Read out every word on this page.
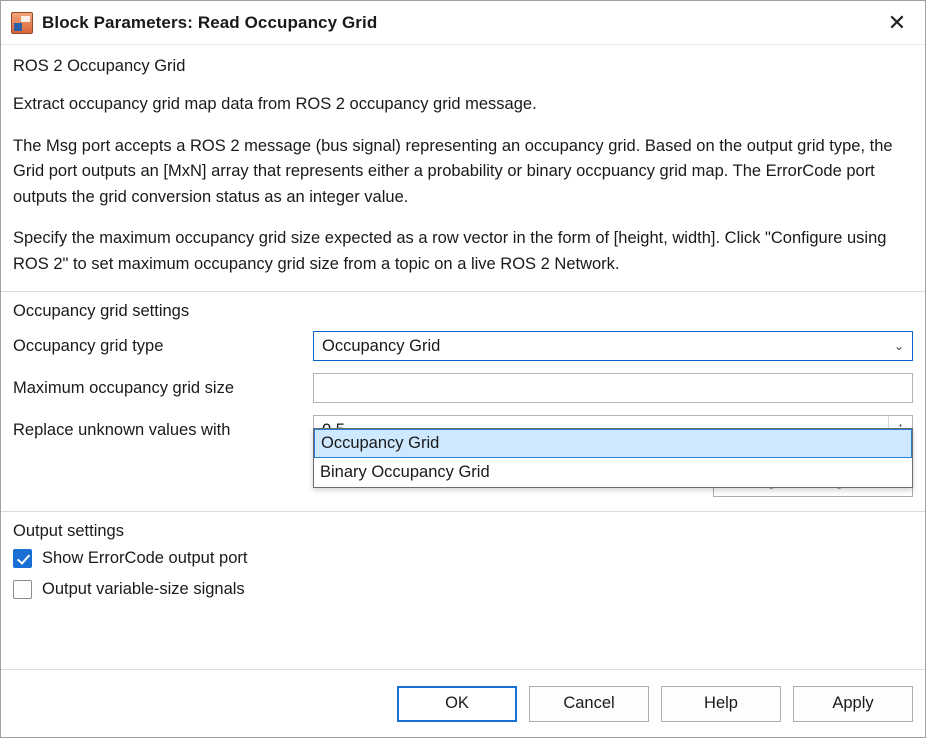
Block Parameters: Read Occupancy Grid	✕
ROS 2 Occupancy Grid

Extract occupancy grid map data from ROS 2 occupancy grid message.

The Msg port accepts a ROS 2 message (bus signal) representing an occupancy grid. Based on the output grid type, the Grid port outputs an [MxN] array that represents either a probability or binary occpuancy grid map. The ErrorCode port outputs the grid conversion status as an integer value.

Specify the maximum occupancy grid size expected as a row vector in the form of [height, width]. Click "Configure using ROS 2" to set maximum occupancy grid size from a topic on a live ROS 2 Network.

Occupancy grid settings
Occupancy grid type	Occupancy Grid	⌄
Maximum occupancy grid size
Replace unknown values with
Output settings
Show ErrorCode output port
Output variable-size signals
Occupancy Grid
Binary Occupancy Grid
OK	Cancel	Help	Apply
